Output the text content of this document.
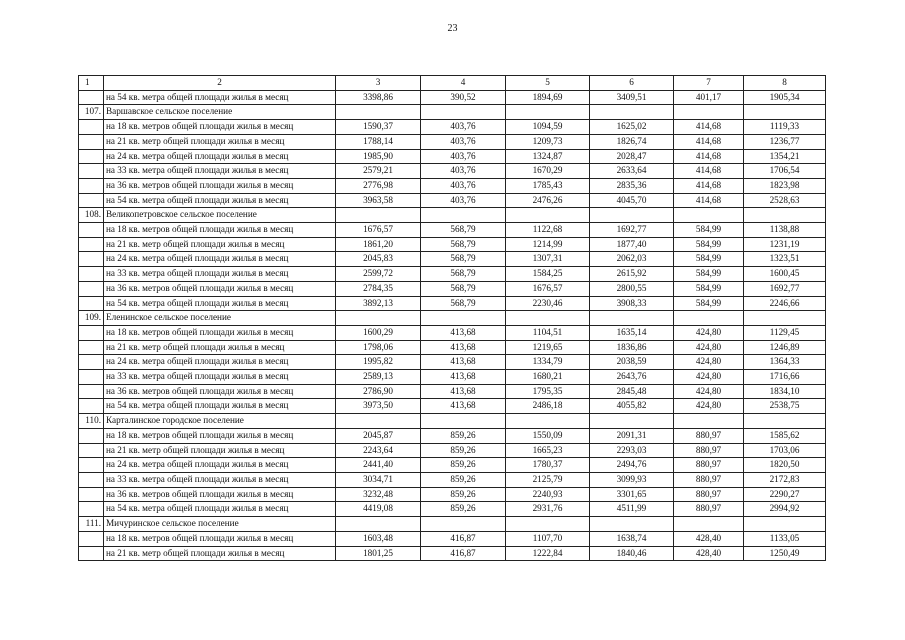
23
1	2	3	4	5	6	7	8
	на 54 кв. метра общей площади жилья в месяц	3398,86	390,52	1894,69	3409,51	401,17	1905,34
107.	Варшавское сельское поселение						
	на 18 кв. метров общей площади жилья в месяц	1590,37	403,76	1094,59	1625,02	414,68	1119,33
	на 21 кв. метр общей площади жилья в месяц	1788,14	403,76	1209,73	1826,74	414,68	1236,77
	на 24 кв. метра общей площади жилья в месяц	1985,90	403,76	1324,87	2028,47	414,68	1354,21
	на 33 кв. метра общей площади жилья в месяц	2579,21	403,76	1670,29	2633,64	414,68	1706,54
	на 36 кв. метров общей площади жилья в месяц	2776,98	403,76	1785,43	2835,36	414,68	1823,98
	на 54 кв. метра общей площади жилья в месяц	3963,58	403,76	2476,26	4045,70	414,68	2528,63
108.	Великопетровское сельское поселение						
	на 18 кв. метров общей площади жилья в месяц	1676,57	568,79	1122,68	1692,77	584,99	1138,88
	на 21 кв. метр общей площади жилья в месяц	1861,20	568,79	1214,99	1877,40	584,99	1231,19
	на 24 кв. метра общей площади жилья в месяц	2045,83	568,79	1307,31	2062,03	584,99	1323,51
	на 33 кв. метра общей площади жилья в месяц	2599,72	568,79	1584,25	2615,92	584,99	1600,45
	на 36 кв. метров общей площади жилья в месяц	2784,35	568,79	1676,57	2800,55	584,99	1692,77
	на 54 кв. метра общей площади жилья в месяц	3892,13	568,79	2230,46	3908,33	584,99	2246,66
109.	Еленинское сельское поселение						
	на 18 кв. метров общей площади жилья в месяц	1600,29	413,68	1104,51	1635,14	424,80	1129,45
	на 21 кв. метр общей площади жилья в месяц	1798,06	413,68	1219,65	1836,86	424,80	1246,89
	на 24 кв. метра общей площади жилья в месяц	1995,82	413,68	1334,79	2038,59	424,80	1364,33
	на 33 кв. метра общей площади жилья в месяц	2589,13	413,68	1680,21	2643,76	424,80	1716,66
	на 36 кв. метров общей площади жилья в месяц	2786,90	413,68	1795,35	2845,48	424,80	1834,10
	на 54 кв. метра общей площади жилья в месяц	3973,50	413,68	2486,18	4055,82	424,80	2538,75
110.	Карталинское городское поселение						
	на 18 кв. метров общей площади жилья в месяц	2045,87	859,26	1550,09	2091,31	880,97	1585,62
	на 21 кв. метр общей площади жилья в месяц	2243,64	859,26	1665,23	2293,03	880,97	1703,06
	на 24 кв. метра общей площади жилья в месяц	2441,40	859,26	1780,37	2494,76	880,97	1820,50
	на 33 кв. метра общей площади жилья в месяц	3034,71	859,26	2125,79	3099,93	880,97	2172,83
	на 36 кв. метров общей площади жилья в месяц	3232,48	859,26	2240,93	3301,65	880,97	2290,27
	на 54 кв. метра общей площади жилья в месяц	4419,08	859,26	2931,76	4511,99	880,97	2994,92
111.	Мичуринское сельское поселение						
	на 18 кв. метров общей площади жилья в месяц	1603,48	416,87	1107,70	1638,74	428,40	1133,05
	на 21 кв. метр общей площади жилья в месяц	1801,25	416,87	1222,84	1840,46	428,40	1250,49
